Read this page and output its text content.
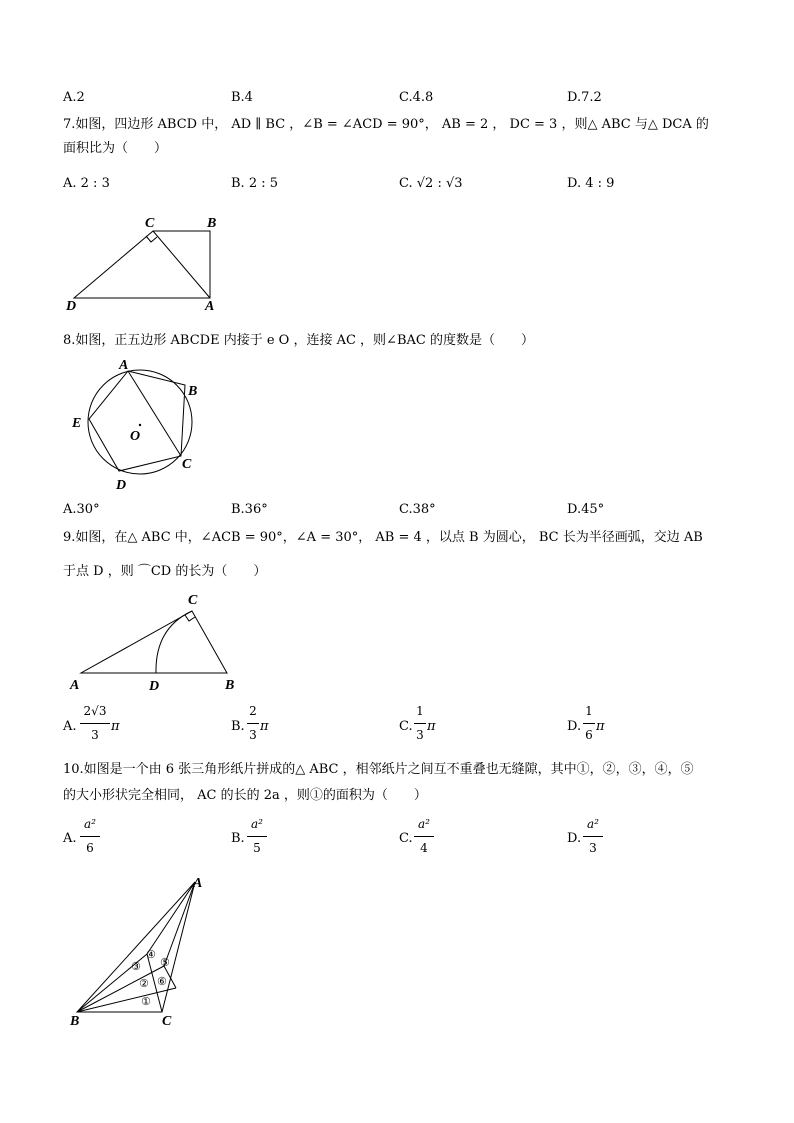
A.2	B.4	C.4.8	D.7.2
7.如图，四边形 ABCD 中， AD ∥ BC ，∠B = ∠ACD = 90°， AB = 2 ， DC = 3 ，则△ ABC 与△ DCA 的
面积比为（　　）
A. 2 : 3	B. 2 : 5	C. √2 : √3	D. 4 : 9
C	B
D	A
8.如图，正五边形 ABCDE 内接于 e O ，连接 AC ，则∠BAC 的度数是（　　）
A
B
C
D
E
O
A.30°	B.36°	C.38°	D.45°
9.如图，在△ ABC 中，∠ACB = 90°，∠A = 30°， AB = 4 ，以点 B 为圆心， BC 长为半径画弧，交边 AB
于点 D ，则 ⌒CD 的长为（　　）
C
A	D	B
A.
2√3
3
π	B.
2
3
π	C.
1
3
π	D.
1
6
π
10.如图是一个由 6 张三角形纸片拼成的△ ABC ，相邻纸片之间互不重叠也无缝隙，其中①，②，③，④，⑤
的大小形状完全相同， AC 的长的 2a ，则①的面积为（　　）
A.
a²
6
B.
a²
5
C.
a²
4
D.
a²
3
①
②
③
④
⑤
⑥
A
B	C
